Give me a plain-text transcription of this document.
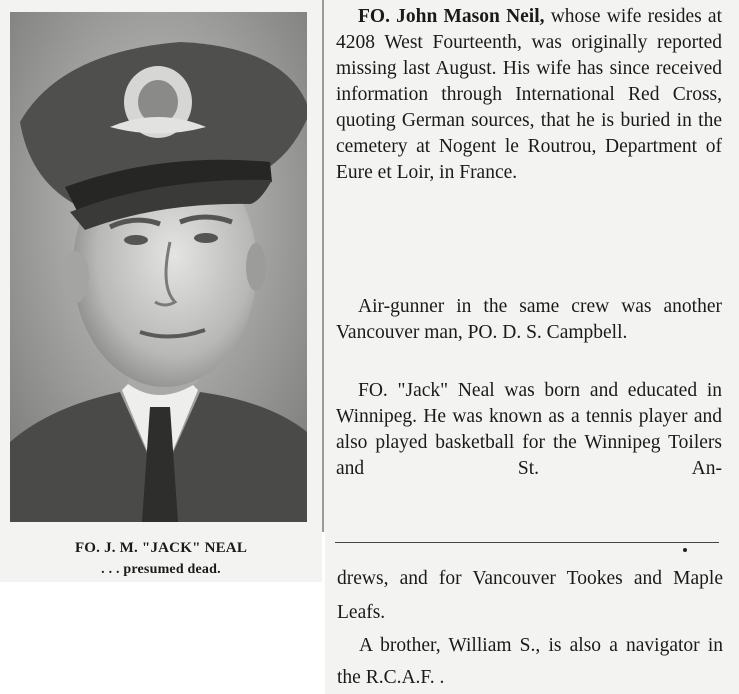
FO. J. M. "JACK" NEAL
. . . presumed dead.

FO. John Mason Neil, whose wife resides at 4208 West Fourteenth, was originally reported missing last August. His wife has since received information through International Red Cross, quoting German sources, that he is buried in the cemetery at Nogent le Routrou, Department of Eure et Loir, in France.

Air-gunner in the same crew was another Vancouver man, PO. D. S. Campbell.

FO. "Jack" Neal was born and educated in Winnipeg. He was known as a tennis player and also played basketball for the Winnipeg Toilers and St. An-

drews, and for Vancouver Tookes and Maple Leafs.

A brother, William S., is also a navigator in the R.C.A.F. .
